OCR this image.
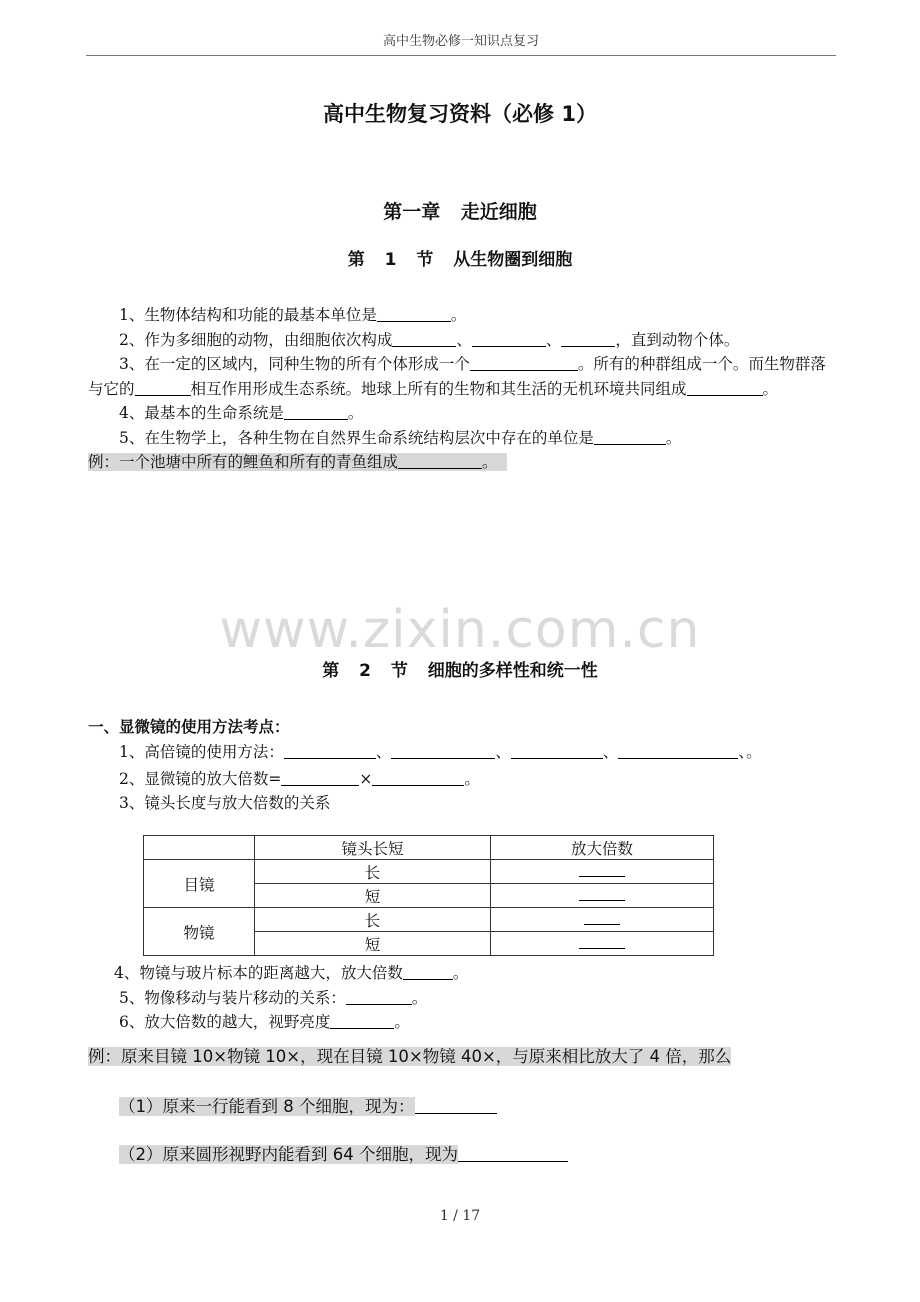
高中生物必修一知识点复习
高中生物复习资料（必修 1）
第一章 走近细胞
第 1 节 从生物圈到细胞

1、生物体结构和功能的最基本单位是	。

2、作为多细胞的动物，由细胞依次构成	、	、	，直到动物个体。

3、在一定的区域内，同种生物的所有个体形成一个	。所有的种群组成一个。而生物群落与它的	相互作用形成生态系统。地球上所有的生物和其生活的无机环境共同组成	。

4、最基本的生命系统是	。

5、在生物学上，各种生物在自然界生命系统结构层次中存在的单位是	。

例：一个池塘中所有的鲤鱼和所有的青鱼组成	。

www.zixin.com.cn
第 2 节 细胞的多样性和统一性
一、显微镜的使用方法考点：

1、高倍镜的使用方法：	、	、	、	、。

2、显微镜的放大倍数=	×	。

3、镜头长度与放大倍数的关系

	镜头长短	放大倍数
目镜	长	
	短	
物镜	长	
	短	

4、物镜与玻片标本的距离越大，放大倍数	。

5、物像移动与装片移动的关系：	。

6、放大倍数的越大，视野亮度	。

例：原来目镜 10×物镜 10×，现在目镜 10×物镜 40×，与原来相比放大了 4 倍，那么
（1）原来一行能看到 8 个细胞，现为：
（2）原来圆形视野内能看到 64 个细胞，现为
1 / 17
